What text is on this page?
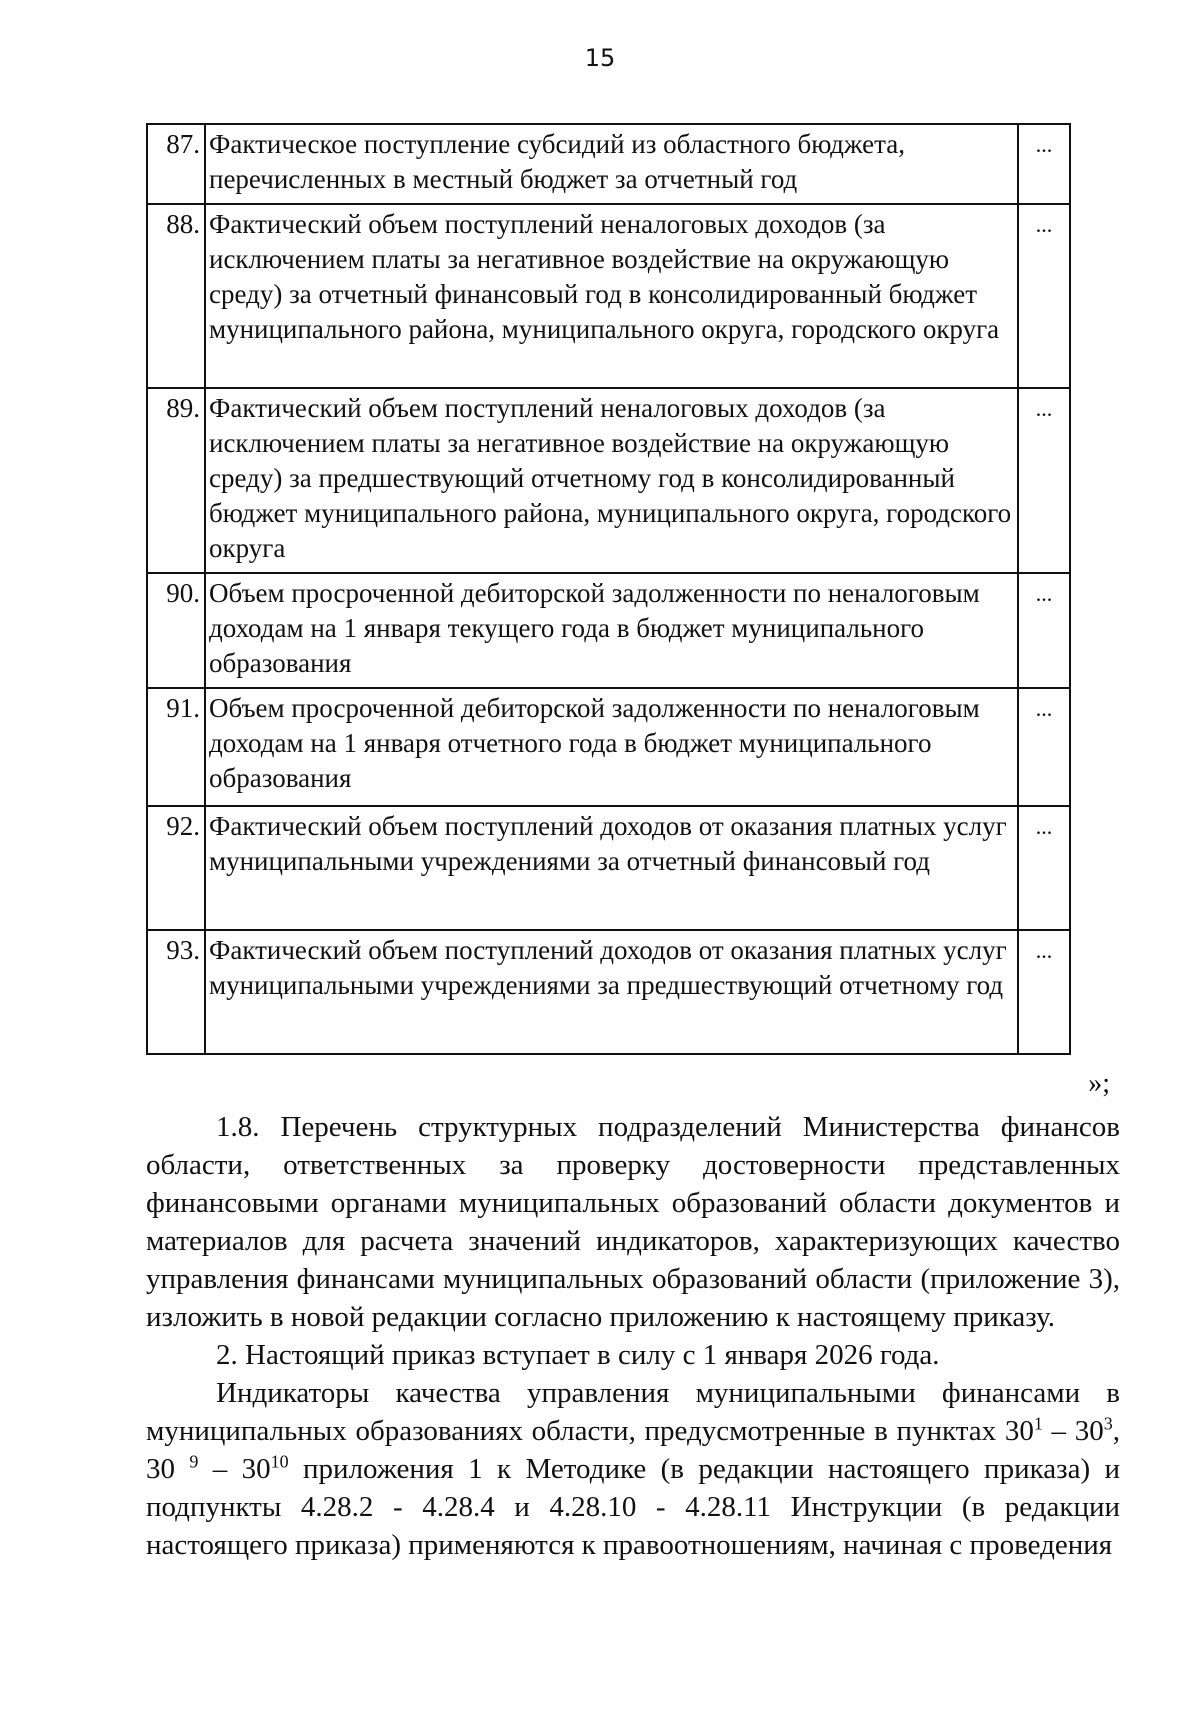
15
87.	Фактическое поступление субсидий из областного бюджета, перечисленных в местный бюджет за отчетный год	...
88.	Фактический объем поступлений неналоговых доходов (за исключением платы за негативное воздействие на окружающую среду) за отчетный финансовый год в консолидированный бюджет муниципального района, муниципального округа, городского округа	...
89.	Фактический объем поступлений неналоговых доходов (за исключением платы за негативное воздействие на окружающую среду) за предшествующий отчетному год в консолидированный бюджет муниципального района, муниципального округа, городского округа	...
90.	Объем просроченной дебиторской задолженности по неналоговым доходам на 1 января текущего года в бюджет муниципального образования	...
91.	Объем просроченной дебиторской задолженности по неналоговым доходам на 1 января отчетного года в бюджет муниципального образования	...
92.	Фактический объем поступлений доходов от оказания платных услуг муниципальными учреждениями за отчетный финансовый год	...
93.	Фактический объем поступлений доходов от оказания платных услуг муниципальными учреждениями за предшествующий отчетному год	...
»;

1.8. Перечень структурных подразделений Министерства финансов области, ответственных за проверку достоверности представленных финансовыми органами муниципальных образований области документов и материалов для расчета значений индикаторов, характеризующих качество управления финансами муниципальных образований области (приложение 3), изложить в новой редакции согласно приложению к настоящему приказу.

2. Настоящий приказ вступает в силу с 1 января 2026 года.

Индикаторы качества управления муниципальными финансами в муниципальных образованиях области, предусмотренные в пунктах $30^1 - 30^3$, 30 $^9 - 30^{10}$ приложения 1 к Методике (в редакции настоящего приказа) и подпункты 4.28.2 - 4.28.4 и 4.28.10 - 4.28.11 Инструкции (в редакции настоящего приказа) применяются к правоотношениям, начиная с проведения
